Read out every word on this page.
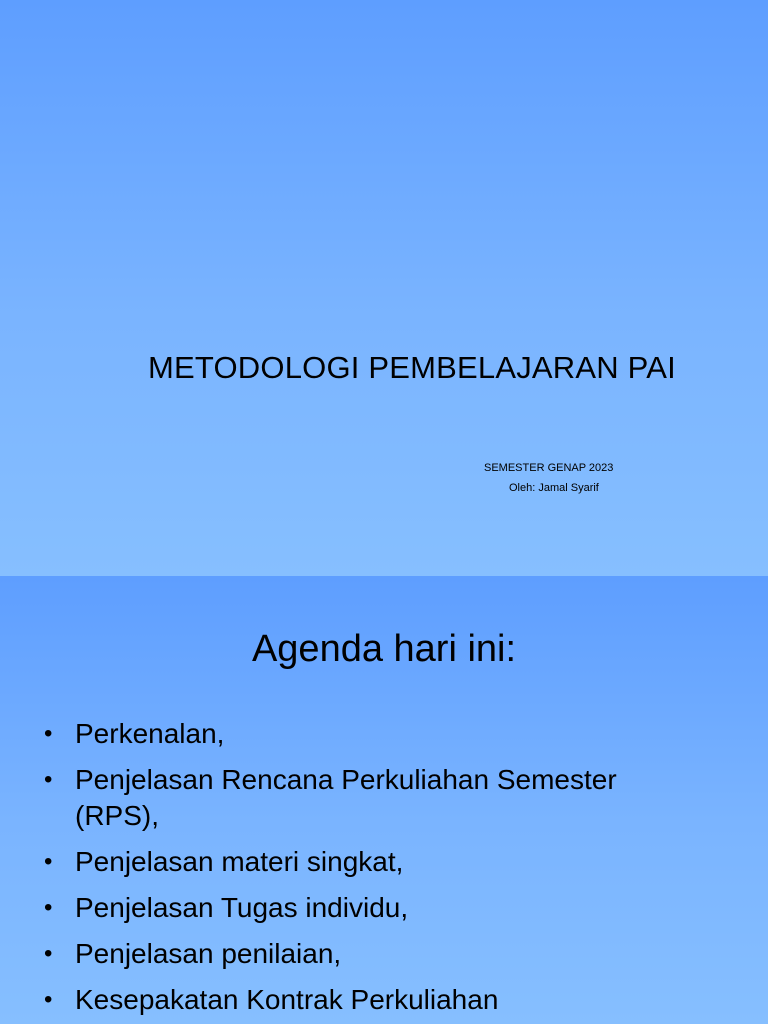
METODOLOGI PEMBELAJARAN PAI
SEMESTER GENAP 2023
Oleh: Jamal Syarif
Agenda hari ini:
• Perkenalan,
• Penjelasan Rencana Perkuliahan Semester (RPS),
• Penjelasan materi singkat,
• Penjelasan Tugas individu,
• Penjelasan penilaian,
• Kesepakatan Kontrak Perkuliahan
